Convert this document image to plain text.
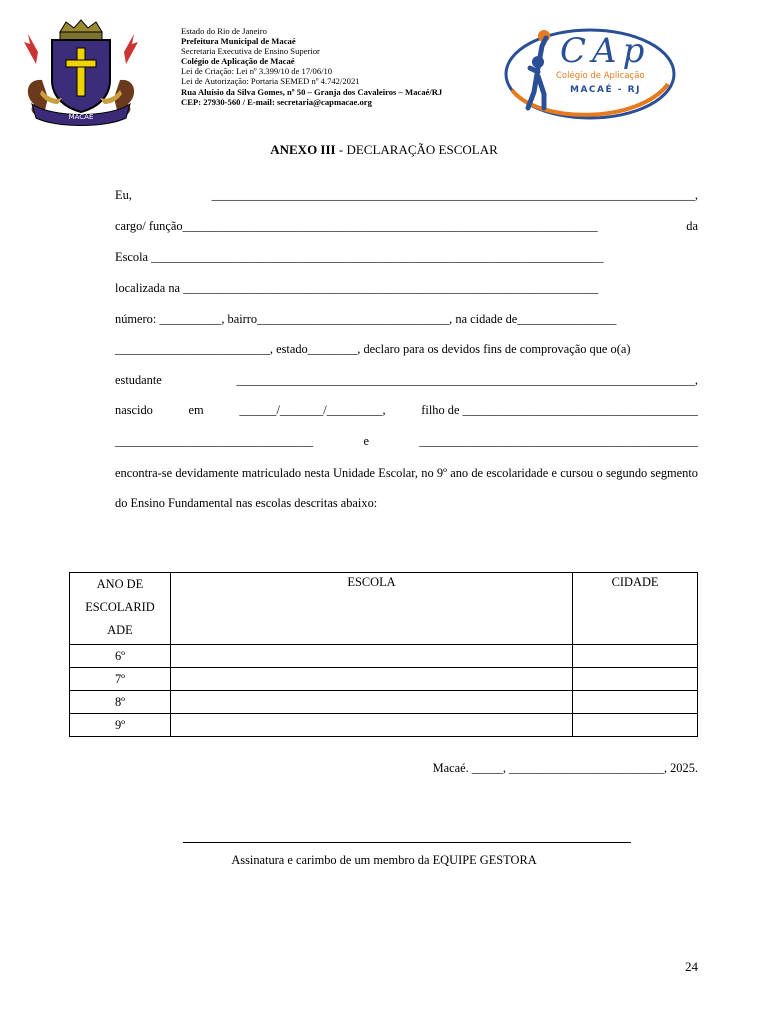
MACAÉ
Estado do Rio de Janeiro
Prefeitura Municipal de Macaé
Secretaria Executiva de Ensino Superior
Colégio de Aplicação de Macaé
Lei de Criação: Lei nº 3.399/10 de 17/06/10
Lei de Autorização: Portaria SEMED nº 4.742/2021
Rua Aluísio da Silva Gomes, nº 50 – Granja dos Cavaleiros – Macaé/RJ
CEP: 27930-560 / E-mail: secretaria@capmacae.org
CAp
Colégio de Aplicação
MACAÉ - RJ
ANEXO III - DECLARAÇÃO ESCOLAR
Eu, ______________________________________________________________________________,
cargo/ função___________________________________________________________________	da
Escola _________________________________________________________________________
localizada na ___________________________________________________________________
número: __________, bairro_______________________________, na cidade de________________
_________________________, estado________, declaro para os devidos fins de comprovação que o(a)
estudante	__________________________________________________________________________,
nascido	em	______/_______/_________,	filho de ______________________________________
________________________________	e	_____________________________________________
encontra-se devidamente matriculado nesta Unidade Escolar, no 9º ano de escolaridade e cursou o segundo segmento do Ensino Fundamental nas escolas descritas abaixo:
ANO DE
ESCOLARID
ADE	ESCOLA	CIDADE
6º		
7º		
8º		
9º		
Macaé. _____, _________________________, 2025.
Assinatura e carimbo de um membro da EQUIPE GESTORA
24
